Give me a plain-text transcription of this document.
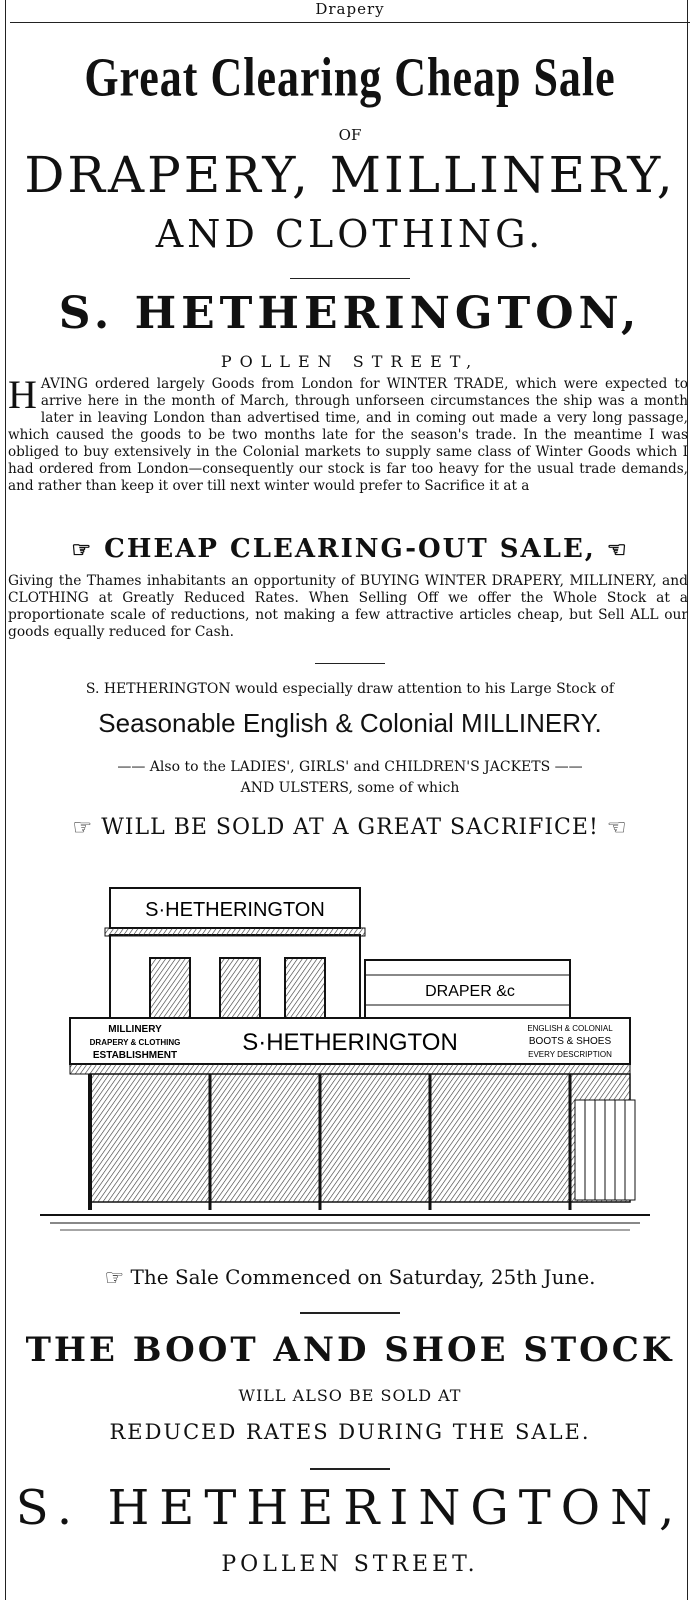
Drapery
Great Clearing Cheap Sale
OF
DRAPERY, MILLINERY,
AND CLOTHING.
S. HETHERINGTON,
POLLEN STREET,
H AVING ordered largely Goods from London for WINTER TRADE, which were expected to arrive here in the month of March, through unforseen circumstances the ship was a month later in leaving London than advertised time, and in coming out made a very long passage, which caused the goods to be two months late for the season's trade. In the meantime I was obliged to buy extensively in the Colonial markets to supply same class of Winter Goods which I had ordered from London—consequently our stock is far too heavy for the usual trade demands, and rather than keep it over till next winter would prefer to Sacrifice it at a
☞ CHEAP CLEARING-OUT SALE, ☜
Giving the Thames inhabitants an opportunity of BUYING WINTER DRAPERY, MILLINERY, and CLOTHING at Greatly Reduced Rates. When Selling Off we offer the Whole Stock at a proportionate scale of reductions, not making a few attractive articles cheap, but Sell ALL our goods equally reduced for Cash.
S. HETHERINGTON would especially draw attention to his Large Stock of
Seasonable English & Colonial MILLINERY.
—— Also to the LADIES', GIRLS' and CHILDREN'S JACKETS ——
AND ULSTERS, some of which
☞ WILL BE SOLD AT A GREAT SACRIFICE! ☜
S·HETHERINGTON
DRAPER &c
MILLINERY
DRAPERY & CLOTHING
ESTABLISHMENT	S·HETHERINGTON
ENGLISH & COLONIAL
BOOTS & SHOES
EVERY DESCRIPTION
☞ The Sale Commenced on Saturday, 25th June.
THE BOOT AND SHOE STOCK
WILL ALSO BE SOLD AT
REDUCED RATES DURING THE SALE.
S. HETHERINGTON,
POLLEN STREET.
